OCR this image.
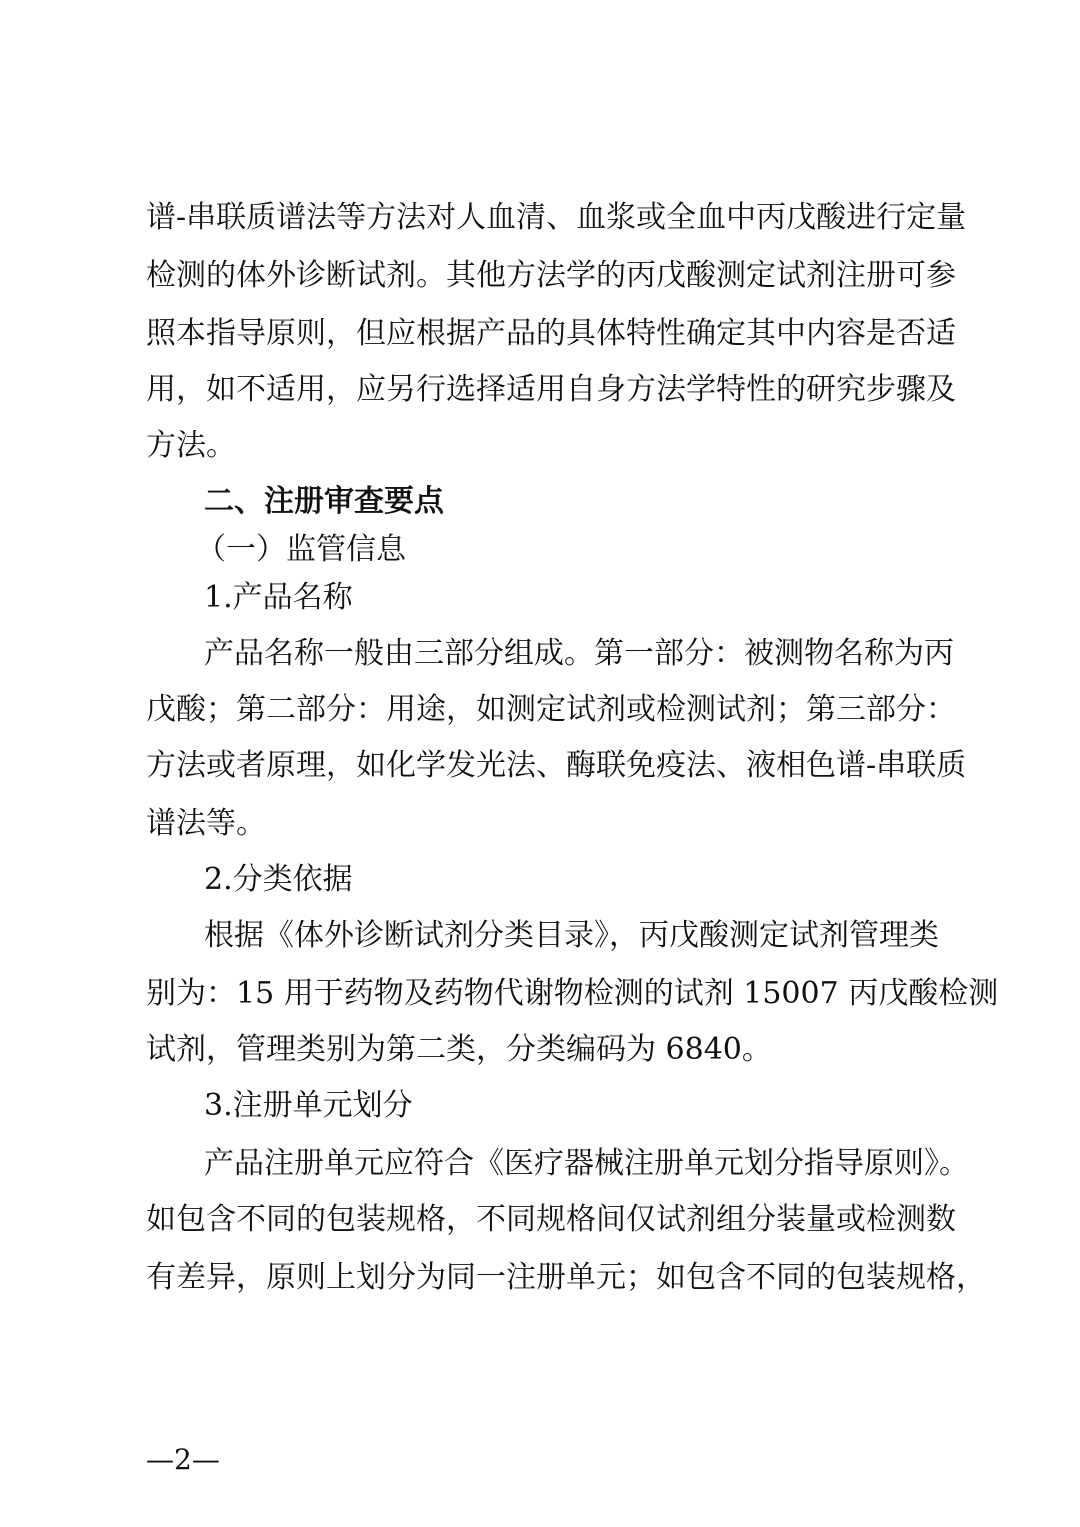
谱-串联质谱法等方法对人血清、血浆或全血中丙戊酸进行定量
检测的体外诊断试剂。其他方法学的丙戊酸测定试剂注册可参
照本指导原则，但应根据产品的具体特性确定其中内容是否适
用，如不适用，应另行选择适用自身方法学特性的研究步骤及
方法。
二、注册审查要点
（一）监管信息
1.产品名称
产品名称一般由三部分组成。第一部分：被测物名称为丙
戊酸；第二部分：用途，如测定试剂或检测试剂；第三部分：
方法或者原理，如化学发光法、酶联免疫法、液相色谱-串联质
谱法等。
2.分类依据
根据《体外诊断试剂分类目录》，丙戊酸测定试剂管理类
别为：15 用于药物及药物代谢物检测的试剂 15007 丙戊酸检测
试剂，管理类别为第二类，分类编码为 6840。
3.注册单元划分
产品注册单元应符合《医疗器械注册单元划分指导原则》。
如包含不同的包装规格，不同规格间仅试剂组分装量或检测数
有差异，原则上划分为同一注册单元；如包含不同的包装规格，
—2—
